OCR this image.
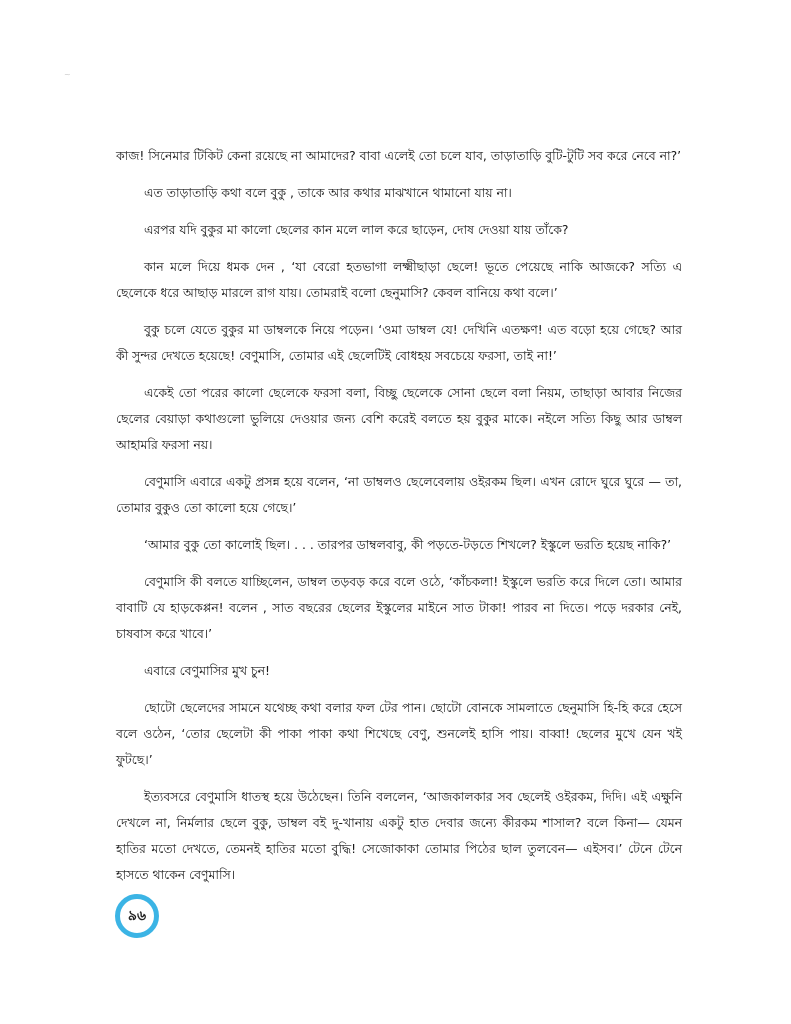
~

কাজ! সিনেমার টিকিট কেনা রয়েছে না আমাদের? বাবা এলেই তো চলে যাব, তাড়াতাড়ি বুটি-টুটি সব করে নেবে না?’

এত তাড়াতাড়ি কথা বলে বুকু , তাকে আর কথার মাঝখানে থামানো যায় না।

এরপর যদি বুকুর মা কালো ছেলের কান মলে লাল করে ছাড়েন, দোষ দেওয়া যায় তাঁকে?

কান মলে দিয়ে ধমক দেন , ‘যা বেরো হতভাগা লক্ষ্মীছাড়া ছেলে! ভূতে পেয়েছে নাকি আজকে? সত্যি এ ছেলেকে ধরে আছাড় মারলে রাগ যায়। তোমরাই বলো ছেনুমাসি? কেবল বানিয়ে কথা বলে।’

বুকু চলে যেতে বুকুর মা ডাম্বলকে নিয়ে পড়েন। ‘ওমা ডাম্বল যে! দেখিনি এতক্ষণ! এত বড়ো হয়ে গেছে? আর কী সুন্দর দেখতে হয়েছে! বেণুমাসি, তোমার এই ছেলেটিই বোধহয় সবচেয়ে ফরসা, তাই না!’

একেই তো পরের কালো ছেলেকে ফরসা বলা, বিচ্ছু ছেলেকে সোনা ছেলে বলা নিয়ম, তাছাড়া আবার নিজের ছেলের বেয়াড়া কথাগুলো ভুলিয়ে দেওয়ার জন্য বেশি করেই বলতে হয় বুকুর মাকে। নইলে সত্যি কিছু আর ডাম্বল আহামরি ফরসা নয়।

বেণুমাসি এবারে একটু প্রসন্ন হয়ে বলেন, ‘না ডাম্বলও ছেলেবেলায় ওইরকম ছিল। এখন রোদে ঘুরে ঘুরে — তা, তোমার বুকুও তো কালো হয়ে গেছে।’

‘আমার বুকু তো কালোই ছিল। . . . তারপর ডাম্বলবাবু, কী পড়তে-টড়তে শিখলে? ইস্কুলে ভরতি হয়েছ নাকি?’

বেণুমাসি কী বলতে যাচ্ছিলেন, ডাম্বল তড়বড় করে বলে ওঠে, ‘কাঁচকলা! ইস্কুলে ভরতি করে দিলে তো। আমার বাবাটি যে হাড়কেপ্পন! বলেন , সাত বছরের ছেলের ইস্কুলের মাইনে সাত টাকা! পারব না দিতে। পড়ে দরকার নেই, চাষবাস করে খাবে।’

এবারে বেণুমাসির মুখ চুন!

ছোটো ছেলেদের সামনে যথেচ্ছ কথা বলার ফল টের পান। ছোটো বোনকে সামলাতে ছেনুমাসি হি-হি করে হেসে বলে ওঠেন, ‘তোর ছেলেটা কী পাকা পাকা কথা শিখেছে বেণু, শুনলেই হাসি পায়। বাব্বা! ছেলের মুখে যেন খই ফুটছে।’

ইত্যবসরে বেণুমাসি ধাতস্থ হয়ে উঠেছেন। তিনি বললেন, ‘আজকালকার সব ছেলেই ওইরকম, দিদি। এই এক্ষুনি দেখলে না, নির্মলার ছেলে বুকু, ডাম্বল বই দু-খানায় একটু হাত দেবার জন্যে কীরকম শাসাল? বলে কিনা— যেমন হাতির মতো দেখতে, তেমনই হাতির মতো বুদ্ধি! সেজোকাকা তোমার পিঠের ছাল তুলবেন— এইসব।’ টেনে টেনে হাসতে থাকেন বেণুমাসি।

৯৬
